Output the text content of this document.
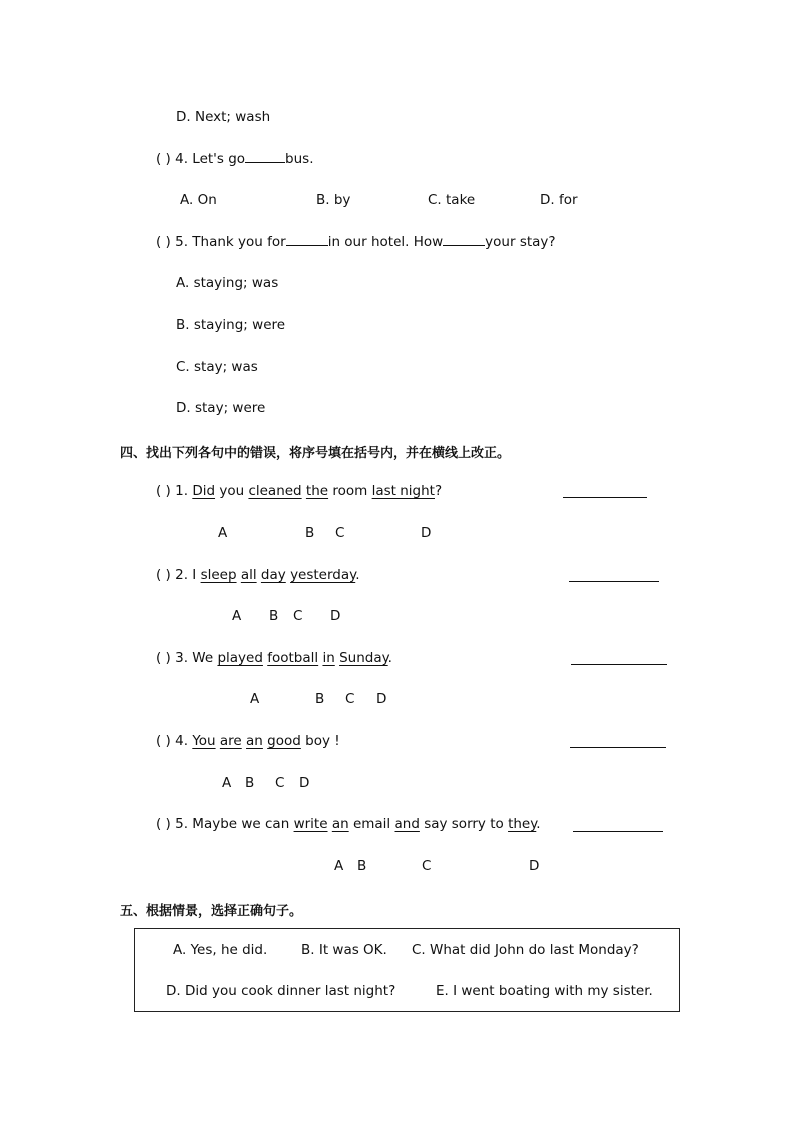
D. Next; wash
( ) 4. Let's go	bus.
A. On	B. by	C. take	D. for
( ) 5. Thank you for	in our hotel. How	your stay?
A. staying; was
B. staying; were
C. stay; was
D. stay; were
四、找出下列各句中的错误，将序号填在括号内，并在横线上改正。
( ) 1. Did you cleaned the room last night?
A	B C	D
( ) 2. I sleep all day yesterday.
A B C D
( ) 3. We played football in Sunday.
A	B C D
( ) 4. You are an good boy !
A B C D
( ) 5. Maybe we can write an email and say sorry to they.
A B	C	D
五、根据情景，选择正确句子。
A. Yes, he did. B. It was OK. C. What did John do last Monday?
D. Did you cook dinner last night?	E. I went boating with my sister.
